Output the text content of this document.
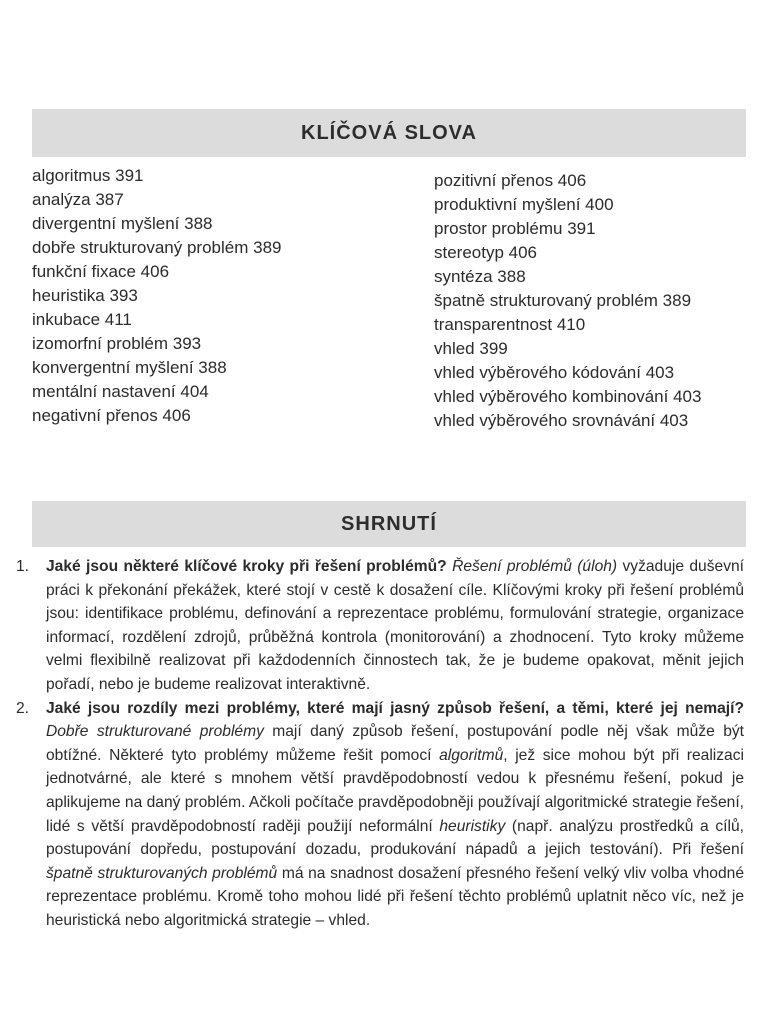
KLÍČOVÁ SLOVA
algoritmus 391
analýza 387
divergentní myšlení 388
dobře strukturovaný problém 389
funkční fixace 406
heuristika 393
inkubace 411
izomorfní problém 393
konvergentní myšlení 388
mentální nastavení 404
negativní přenos 406
pozitivní přenos 406
produktivní myšlení 400
prostor problému 391
stereotyp 406
syntéza 388
špatně strukturovaný problém 389
transparentnost 410
vhled 399
vhled výběrového kódování 403
vhled výběrového kombinování 403
vhled výběrového srovnávání 403
SHRNUTÍ
1. Jaké jsou některé klíčové kroky při řešení problémů? Řešení problémů (úloh) vyžaduje duševní práci k překonání překážek, které stojí v cestě k dosažení cíle. Klíčovými kroky při řešení problémů jsou: identifikace problému, definování a reprezentace problému, formulování strategie, organizace informací, rozdělení zdrojů, průběžná kontrola (monitorování) a zhodnocení. Tyto kroky můžeme velmi flexibilně realizovat při každodenních činnostech tak, že je budeme opakovat, měnit jejich pořadí, nebo je budeme realizovat interaktivně.
2. Jaké jsou rozdíly mezi problémy, které mají jasný způsob řešení, a těmi, které jej nemají? Dobře strukturované problémy mají daný způsob řešení, postupování podle něj však může být obtížné. Některé tyto problémy můžeme řešit pomocí algoritmů, jež sice mohou být při realizaci jednotvárné, ale které s mnohem větší pravděpodobností vedou k přesnému řešení, pokud je aplikujeme na daný problém. Ačkoli počítače pravděpodobněji používají algoritmické strategie řešení, lidé s větší pravděpodobností raději použijí neformální heuristiky (např. analýzu prostředků a cílů, postupování dopředu, postupování dozadu, produkování nápadů a jejich testování). Při řešení špatně strukturovaných problémů má na snadnost dosažení přesného řešení velký vliv volba vhodné reprezentace problému. Kromě toho mohou lidé při řešení těchto problémů uplatnit něco víc, než je heuristická nebo algoritmická strategie – vhled.
